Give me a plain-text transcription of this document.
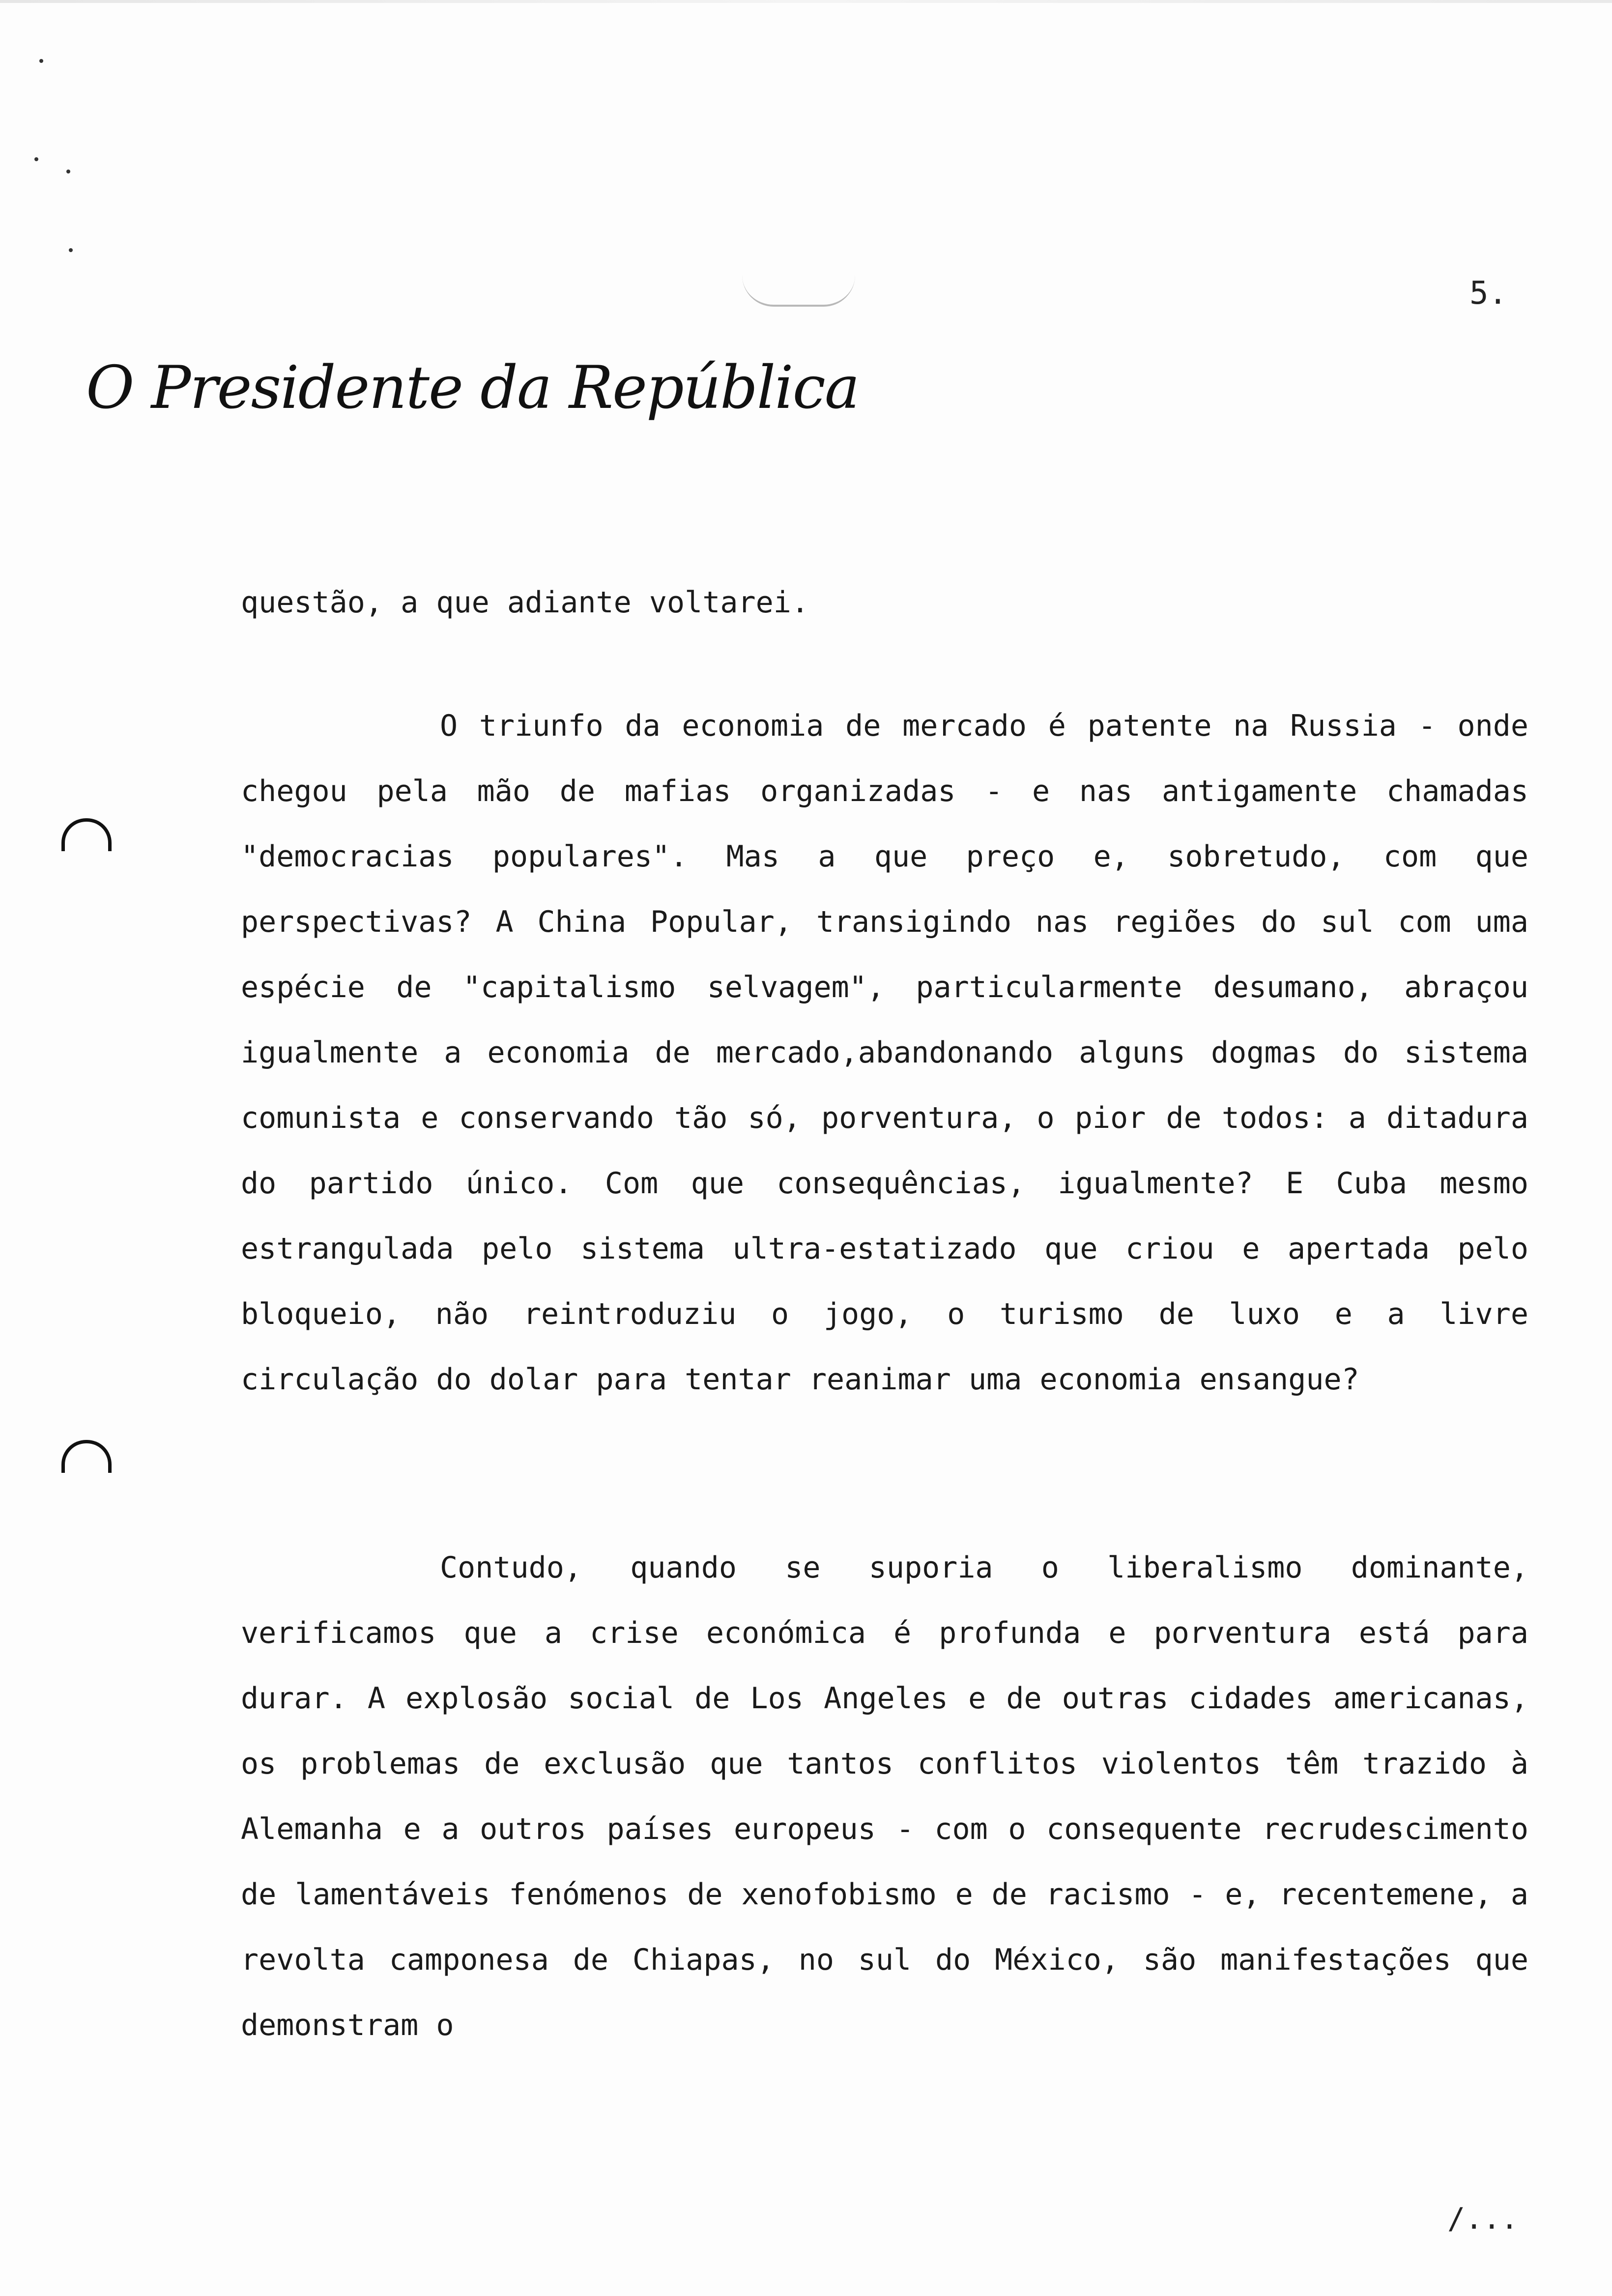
5.
O Presidente da República

questão, a que adiante voltarei.

O triunfo da economia de mercado é patente na Russia - onde chegou pela mão de mafias organizadas - e nas antigamente chamadas "democracias populares". Mas a que preço e, sobretudo, com que perspectivas? A China Popular, transigindo nas regiões do sul com uma espécie de "capitalismo selvagem", particularmente desumano, abraçou igualmente a economia de mercado,abandonando alguns dogmas do sistema comunista e conservando tão só, porventura, o pior de todos: a ditadura do partido único. Com que consequências, igualmente? E Cuba mesmo estrangulada pelo sistema ultra-estatizado que criou e apertada pelo bloqueio, não reintroduziu o jogo, o turismo de luxo e a livre circulação do dolar para tentar reanimar uma economia ensangue?

Contudo, quando se suporia o liberalismo dominante, verificamos que a crise económica é profunda e porventura está para durar. A explosão social de Los Angeles e de outras cidades americanas, os problemas de exclusão que tantos conflitos violentos têm trazido à Alemanha e a outros países europeus - com o consequente recrudescimento de lamentáveis fenómenos de xenofobismo e de racismo - e, recentemene, a revolta camponesa de Chiapas, no sul do México, são manifestações que demonstram o

/...
